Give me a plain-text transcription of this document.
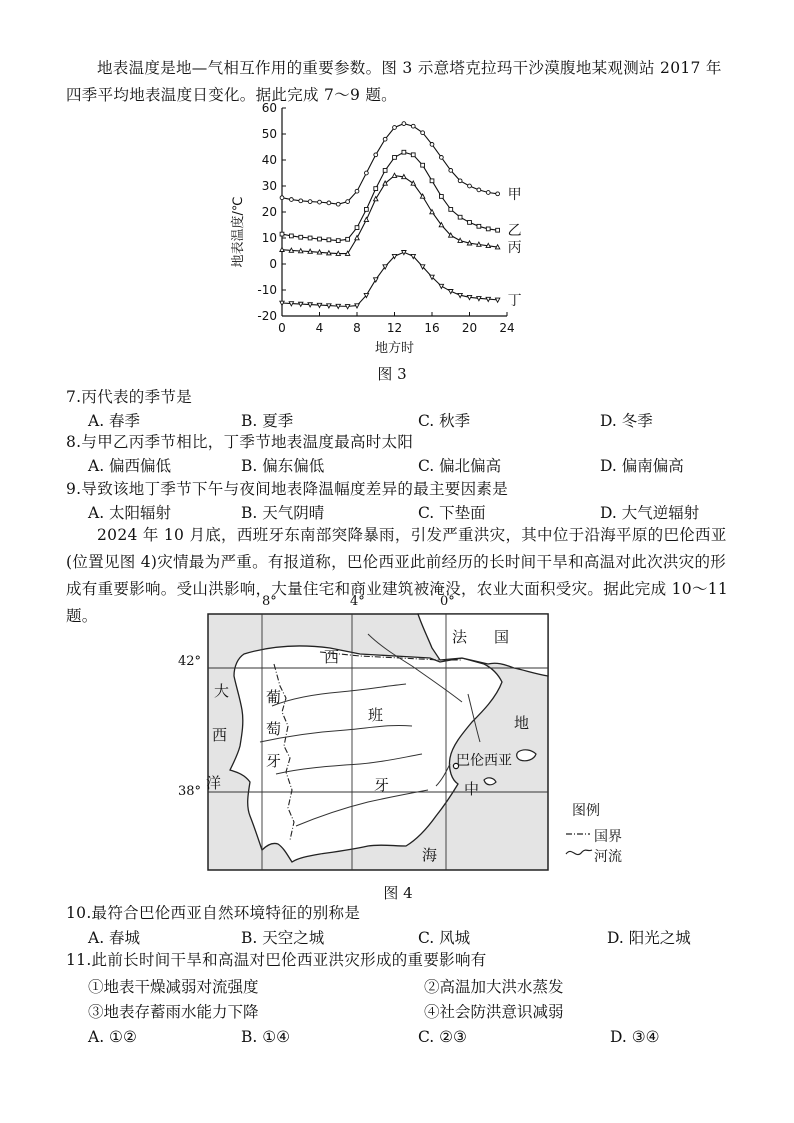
地表温度是地—气相互作用的重要参数。图 3 示意塔克拉玛干沙漠腹地某观测站 2017 年四季平均地表温度日变化。据此完成 7～9 题。
60
50
40
30
20
10
0
-10
-20
0 4 8 12 16 20 24
地方时
地表温度/℃
甲
乙
丙
丁
图 3
7.丙代表的季节是
A. 春季	B. 夏季	C. 秋季	D. 冬季
8.与甲乙丙季节相比，丁季节地表温度最高时太阳
A. 偏西偏低	B. 偏东偏低	C. 偏北偏高	D. 偏南偏高
9.导致该地丁季节下午与夜间地表降温幅度差异的最主要因素是
A. 太阳辐射	B. 天气阴晴	C. 下垫面	D. 大气逆辐射
2024 年 10 月底，西班牙东南部突降暴雨，引发严重洪灾，其中位于沿海平原的巴伦西亚(位置见图 4)灾情最为严重。有报道称，巴伦西亚此前经历的长时间干旱和高温对此次洪灾的形成有重要影响。受山洪影响，大量住宅和商业建筑被淹没，农业大面积受灾。据此完成 10～11 题。
8°	4°	0°
42°
38°
法 国
西
班
牙
葡
萄
牙
大
西
洋
地
中
海
巴伦西亚
图例
国界
河流
图 4
10.最符合巴伦西亚自然环境特征的别称是
A. 春城	B. 天空之城	C. 风城	D. 阳光之城
11.此前长时间干旱和高温对巴伦西亚洪灾形成的重要影响有
①地表干燥减弱对流强度	②高温加大洪水蒸发
③地表存蓄雨水能力下降	④社会防洪意识减弱
A. ①②	B. ①④	C. ②③	D. ③④
